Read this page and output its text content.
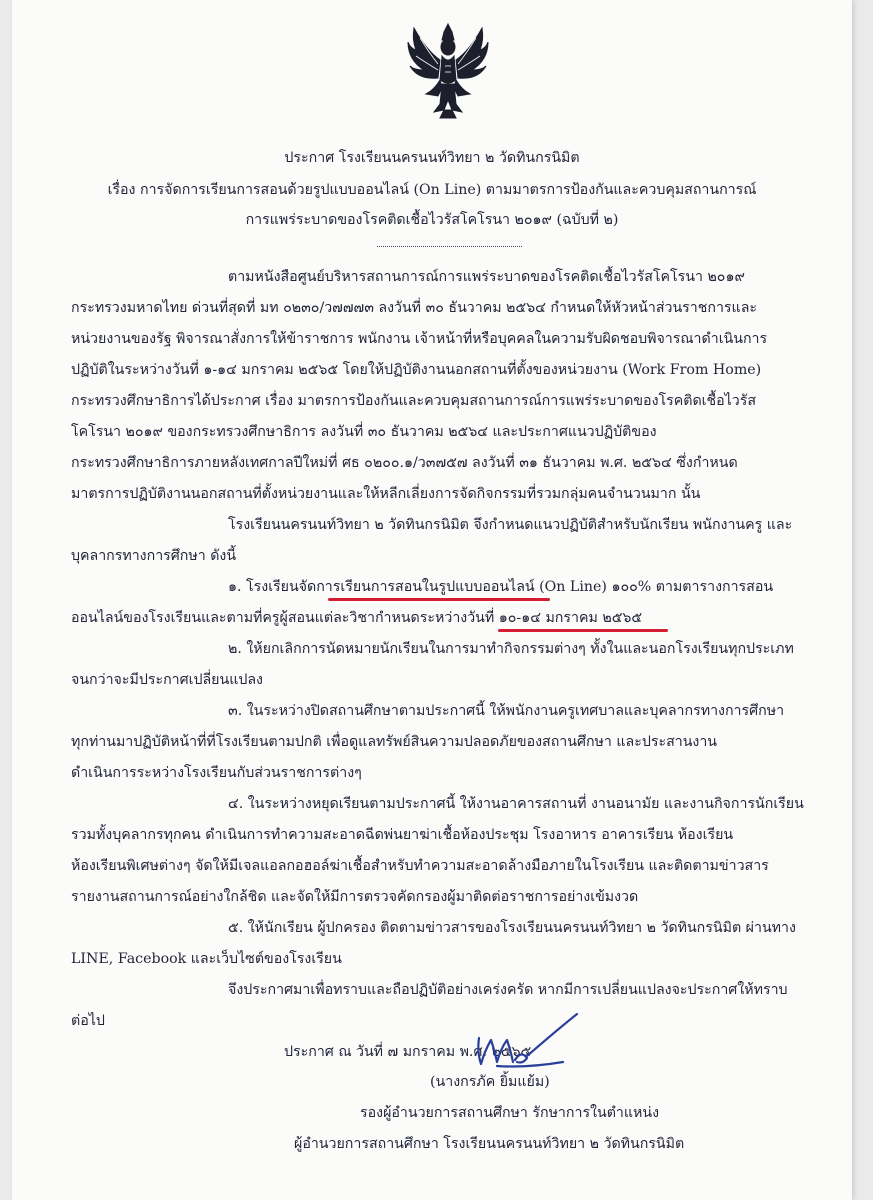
ประกาศ โรงเรียนนครนนท์วิทยา ๒ วัดทินกรนิมิต
เรื่อง การจัดการเรียนการสอนด้วยรูปแบบออนไลน์ (On Line) ตามมาตรการป้องกันและควบคุมสถานการณ์
การแพร่ระบาดของโรคติดเชื้อไวรัสโคโรนา ๒๐๑๙ (ฉบับที่ ๒)
ตามหนังสือศูนย์บริหารสถานการณ์การแพร่ระบาดของโรคติดเชื้อไวรัสโคโรนา ๒๐๑๙
กระทรวงมหาดไทย ด่วนที่สุดที่ มท ๐๒๓๐/ว๗๗๗๓ ลงวันที่ ๓๐ ธันวาคม ๒๕๖๔ กำหนดให้หัวหน้าส่วนราชการและ
หน่วยงานของรัฐ พิจารณาสั่งการให้ข้าราชการ พนักงาน เจ้าหน้าที่หรือบุคคลในความรับผิดชอบพิจารณาดำเนินการ
ปฏิบัติในระหว่างวันที่ ๑-๑๔ มกราคม ๒๕๖๕ โดยให้ปฏิบัติงานนอกสถานที่ตั้งของหน่วยงาน (Work From Home)
กระทรวงศึกษาธิการได้ประกาศ เรื่อง มาตรการป้องกันและควบคุมสถานการณ์การแพร่ระบาดของโรคติดเชื้อไวรัส
โคโรนา ๒๐๑๙ ของกระทรวงศึกษาธิการ ลงวันที่ ๓๐ ธันวาคม ๒๕๖๔ และประกาศแนวปฏิบัติของ
กระทรวงศึกษาธิการภายหลังเทศกาลปีใหม่ที่ ศธ ๐๒๐๐.๑/ว๓๗๕๗ ลงวันที่ ๓๑ ธันวาคม พ.ศ. ๒๕๖๔ ซึ่งกำหนด
มาตรการปฏิบัติงานนอกสถานที่ตั้งหน่วยงานและให้หลีกเลี่ยงการจัดกิจกรรมที่รวมกลุ่มคนจำนวนมาก นั้น
โรงเรียนนครนนท์วิทยา ๒ วัดทินกรนิมิต จึงกำหนดแนวปฏิบัติสำหรับนักเรียน พนักงานครู และ
บุคลากรทางการศึกษา ดังนี้
๑. โรงเรียนจัดการเรียนการสอนในรูปแบบออนไลน์ (On Line) ๑๐๐% ตามตารางการสอน
ออนไลน์ของโรงเรียนและตามที่ครูผู้สอนแต่ละวิชากำหนดระหว่างวันที่ ๑๐-๑๔ มกราคม ๒๕๖๕
๒. ให้ยกเลิกการนัดหมายนักเรียนในการมาทำกิจกรรมต่างๆ ทั้งในและนอกโรงเรียนทุกประเภท
จนกว่าจะมีประกาศเปลี่ยนแปลง
๓. ในระหว่างปิดสถานศึกษาตามประกาศนี้ ให้พนักงานครูเทศบาลและบุคลากรทางการศึกษา
ทุกท่านมาปฏิบัติหน้าที่ที่โรงเรียนตามปกติ เพื่อดูแลทรัพย์สินความปลอดภัยของสถานศึกษา และประสานงาน
ดำเนินการระหว่างโรงเรียนกับส่วนราชการต่างๆ
๔. ในระหว่างหยุดเรียนตามประกาศนี้ ให้งานอาคารสถานที่ งานอนามัย และงานกิจการนักเรียน
รวมทั้งบุคลากรทุกคน ดำเนินการทำความสะอาดฉีดพ่นยาฆ่าเชื้อห้องประชุม โรงอาหาร อาคารเรียน ห้องเรียน
ห้องเรียนพิเศษต่างๆ จัดให้มีเจลแอลกอฮอล์ฆ่าเชื้อสำหรับทำความสะอาดล้างมือภายในโรงเรียน และติดตามข่าวสาร
รายงานสถานการณ์อย่างใกล้ชิด และจัดให้มีการตรวจคัดกรองผู้มาติดต่อราชการอย่างเข้มงวด
๕. ให้นักเรียน ผู้ปกครอง ติดตามข่าวสารของโรงเรียนนครนนท์วิทยา ๒ วัดทินกรนิมิต ผ่านทาง
LINE, Facebook และเว็บไซต์ของโรงเรียน
จึงประกาศมาเพื่อทราบและถือปฏิบัติอย่างเคร่งครัด หากมีการเปลี่ยนแปลงจะประกาศให้ทราบ
ต่อไป
ประกาศ ณ วันที่ ๗ มกราคม พ.ศ. ๒๕๖๕
(นางกรภัค ยิ้มแย้ม)
รองผู้อำนวยการสถานศึกษา รักษาการในตำแหน่ง
ผู้อำนวยการสถานศึกษา โรงเรียนนครนนท์วิทยา ๒ วัดทินกรนิมิต
